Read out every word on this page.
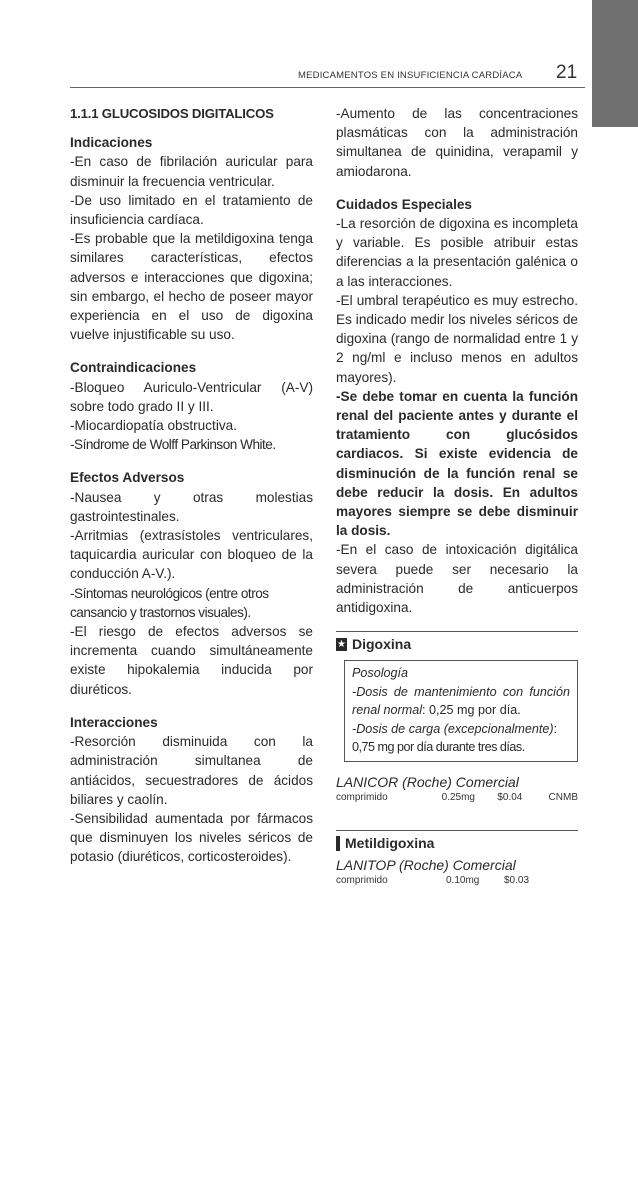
MEDICAMENTOS EN INSUFICIENCIA CARDÍACA 21
1.1.1 GLUCOSIDOS DIGITALICOS
Indicaciones

-En caso de fibrilación auricular para disminuir la frecuencia ventricular.

-De uso limitado en el tratamiento de insuficiencia cardíaca.

-Es probable que la metildigoxina tenga similares características, efectos adversos e interacciones que digoxina; sin embargo, el hecho de poseer mayor experiencia en el uso de digoxina vuelve injustificable su uso.

Contraindicaciones

-Bloqueo Auriculo-Ventricular (A-V) sobre todo grado II y III.

-Miocardiopatía obstructiva.

-Síndrome de Wolff Parkinson White.

Efectos Adversos

-Nausea y otras molestias gastrointestinales.

-Arritmias (extrasístoles ventriculares, taquicardia auricular con bloqueo de la conducción A-V.).

-Síntomas neurológicos (entre otros cansancio y trastornos visuales).

-El riesgo de efectos adversos se incrementa cuando simultáneamente existe hipokalemia inducida por diuréticos.

Interacciones

-Resorción disminuida con la administración simultanea de antiácidos, secuestradores de ácidos biliares y caolín.

-Sensibilidad aumentada por fármacos que disminuyen los niveles séricos de potasio (diuréticos, corticosteroides).

-Aumento de las concentraciones plasmáticas con la administración simultanea de quinidina, verapamil y amiodarona.

Cuidados Especiales

-La resorción de digoxina es incompleta y variable. Es posible atribuir estas diferencias a la presentación galénica o a las interacciones.

-El umbral terapéutico es muy estrecho. Es indicado medir los niveles séricos de digoxina (rango de normalidad entre 1 y 2 ng/ml e incluso menos en adultos mayores).

-Se debe tomar en cuenta la función renal del paciente antes y durante el tratamiento con glucósidos cardiacos. Si existe evidencia de disminución de la función renal se debe reducir la dosis. En adultos mayores siempre se debe disminuir la dosis.

-En el caso de intoxicación digitálica severa puede ser necesario la administración de anticuerpos antidigoxina.

★ Digoxina
Posología
-Dosis de mantenimiento con función renal normal: 0,25 mg por día.
-Dosis de carga (excepcionalmente):
0,75 mg por día durante tres días.
LANICOR (Roche) Comercial
comprimido	0.25mg	$0.04	CNMB
Metildigoxina
LANITOP (Roche) Comercial
comprimido	0.10mg	$0.03
